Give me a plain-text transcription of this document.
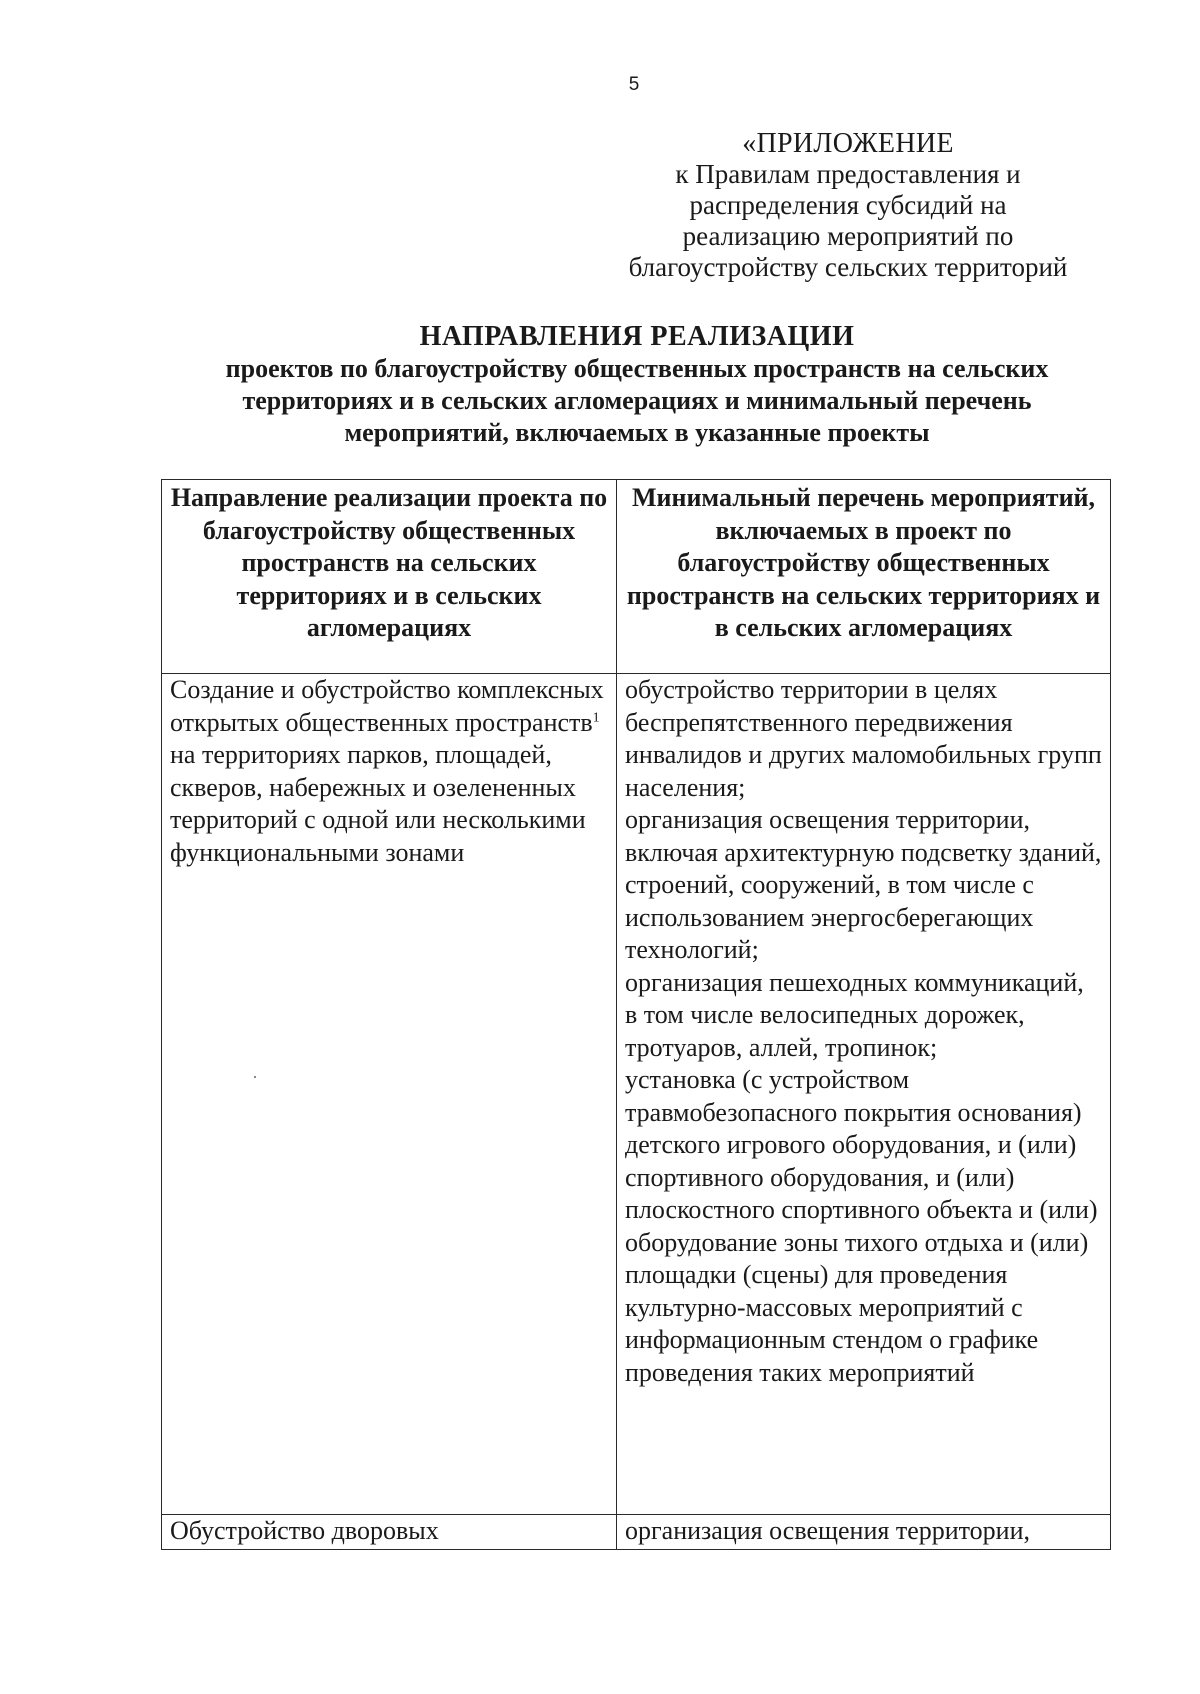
5
«ПРИЛОЖЕНИЕ
к Правилам предоставления и
распределения субсидий на
реализацию мероприятий по
благоустройству сельских территорий
НАПРАВЛЕНИЯ РЕАЛИЗАЦИИ
проектов по благоустройству общественных пространств на сельских
территориях и в сельских агломерациях и минимальный перечень
мероприятий, включаемых в указанные проекты
Направление реализации проекта по благоустройству общественных пространств на сельских территориях и в сельских агломерациях	Минимальный перечень мероприятий, включаемых в проект по благоустройству общественных пространств на сельских территориях и в сельских агломерациях
Создание и обустройство комплексных открытых общественных пространств$^1$ на территориях парков, площадей, скверов, набережных и озелененных территорий с одной или несколькими функциональными зонами	обустройство территории в целях беспрепятственного передвижения инвалидов и других маломобильных групп населения;
организация освещения территории, включая архитектурную подсветку зданий, строений, сооружений, в том числе с использованием энергосберегающих технологий;
организация пешеходных коммуникаций, в том числе велосипедных дорожек, тротуаров, аллей, тропинок;
установка (с устройством травмобезопасного покрытия основания) детского игрового оборудования, и (или) спортивного оборудования, и (или) плоскостного спортивного объекта и (или) оборудование зоны тихого отдыха и (или) площадки (сцены) для проведения культурно-массовых мероприятий с информационным стендом о графике проведения таких мероприятий

Обустройство дворовых	организация освещения территории,
